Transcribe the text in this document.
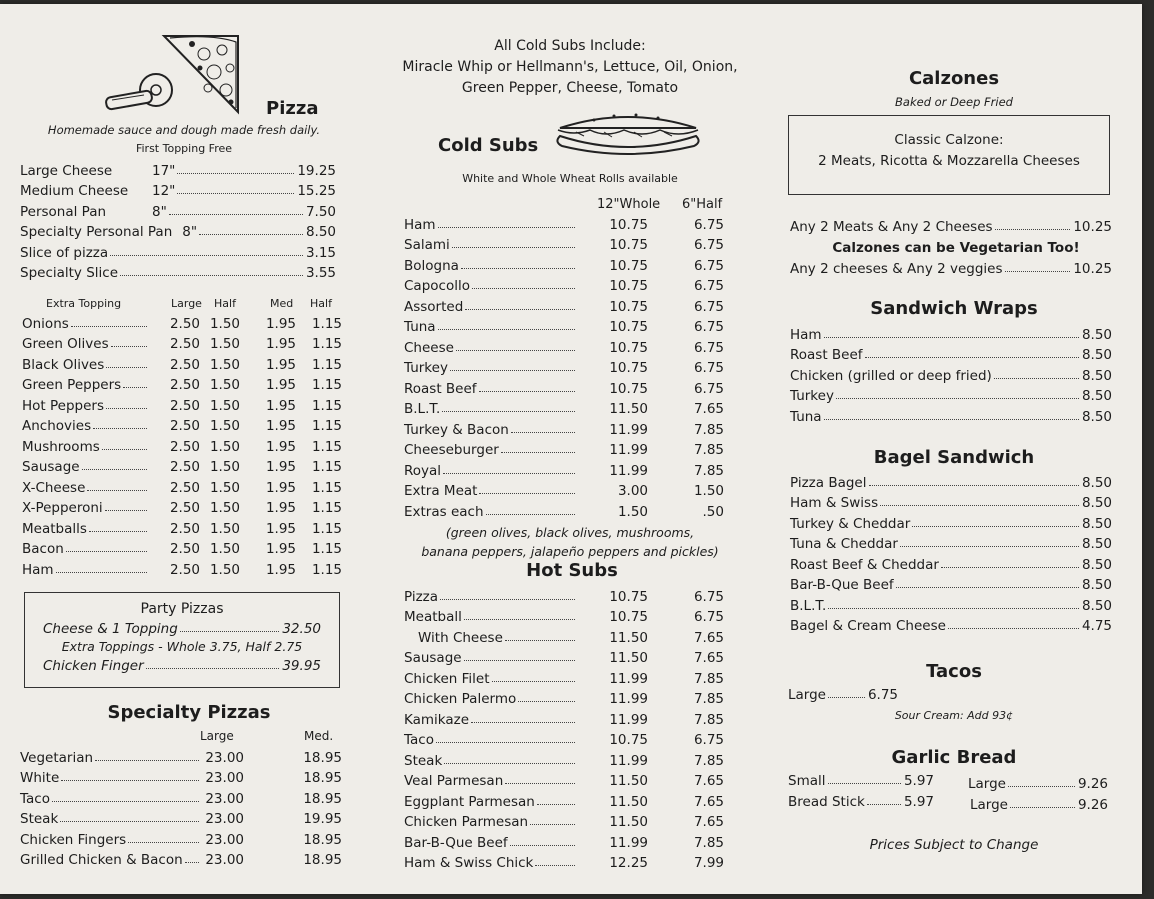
Pizza
Homemade sauce and dough made fresh daily.
First Topping Free
Large Cheese	17"	19.25
Medium Cheese	12"	15.25
Personal Pan	8"	7.50
Specialty Personal Pan 8"	8.50
Slice of pizza	3.15
Specialty Slice	3.55
Extra Topping	Large Half	Med Half
Onions	2.50 1.50	1.95	1.15
Green Olives	2.50 1.50	1.95	1.15
Black Olives	2.50 1.50	1.95	1.15
Green Peppers	2.50 1.50	1.95	1.15
Hot Peppers	2.50 1.50	1.95	1.15
Anchovies	2.50 1.50	1.95	1.15
Mushrooms	2.50 1.50	1.95	1.15
Sausage	2.50 1.50	1.95	1.15
X-Cheese	2.50 1.50	1.95	1.15
X-Pepperoni	2.50 1.50	1.95	1.15
Meatballs	2.50 1.50	1.95	1.15
Bacon	2.50 1.50	1.95	1.15
Ham	2.50 1.50	1.95	1.15
Party Pizzas
Cheese & 1 Topping	32.50
Extra Toppings - Whole 3.75, Half 2.75
Chicken Finger	39.95
Specialty Pizzas
Large	Med.
Vegetarian	23.00	18.95
White	23.00	18.95
Taco	23.00	18.95
Steak	23.00	19.95
Chicken Fingers	23.00	18.95
Grilled Chicken & Bacon 23.00	18.95
All Cold Subs Include:
Miracle Whip or Hellmann's, Lettuce, Oil, Onion,
Green Pepper, Cheese, Tomato
Cold Subs
White and Whole Wheat Rolls available
12"Whole 6"Half
Ham	10.75	6.75
Salami	10.75	6.75
Bologna	10.75	6.75
Capocollo	10.75	6.75
Assorted	10.75	6.75
Tuna	10.75	6.75
Cheese	10.75	6.75
Turkey	10.75	6.75
Roast Beef	10.75	6.75
B.L.T.	11.50	7.65
Turkey & Bacon	11.99	7.85
Cheeseburger	11.99	7.85
Royal	11.99	7.85
Extra Meat	3.00	1.50
Extras each	1.50	.50
(green olives, black olives, mushrooms,
banana peppers, jalapeño peppers and pickles)
Hot Subs
Pizza	10.75	6.75
Meatball	10.75	6.75
With Cheese	11.50	7.65
Sausage	11.50	7.65
Chicken Filet	11.99	7.85
Chicken Palermo	11.99	7.85
Kamikaze	11.99	7.85
Taco	10.75	6.75
Steak	11.99	7.85
Veal Parmesan	11.50	7.65
Eggplant Parmesan	11.50	7.65
Chicken Parmesan	11.50	7.65
Bar-B-Que Beef	11.99	7.85
Ham & Swiss Chick	12.25	7.99
Calzones
Baked or Deep Fried
Classic Calzone:
2 Meats, Ricotta & Mozzarella Cheeses
Any 2 Meats & Any 2 Cheeses	10.25
Calzones can be Vegetarian Too!
Any 2 cheeses & Any 2 veggies	10.25
Sandwich Wraps
Ham	8.50
Roast Beef	8.50
Chicken (grilled or deep fried)	8.50
Turkey	8.50
Tuna	8.50
Bagel Sandwich
Pizza Bagel	8.50
Ham & Swiss	8.50
Turkey & Cheddar	8.50
Tuna & Cheddar	8.50
Roast Beef & Cheddar	8.50
Bar-B-Que Beef	8.50
B.L.T.	8.50
Bagel & Cream Cheese	4.75
Tacos
Large	6.75
Sour Cream: Add 93¢
Garlic Bread
Small	5.97	Large	9.26
Bread Stick	5.97	Large	9.26
Prices Subject to Change
